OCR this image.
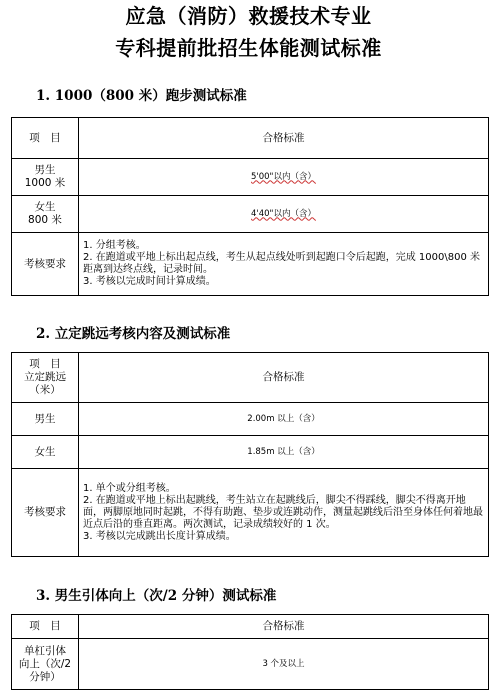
应急（消防）救援技术专业
专科提前批招生体能测试标准
1. 1000（800 米）跑步测试标准
项　目	合格标准
男生
1000 米	5'00"以内（含）
女生
800 米	4'40"以内（含）
考核要求	1. 分组考核。
2. 在跑道或平地上标出起点线，考生从起点线处听到起跑口令后起跑，完成 1000\800 米距离到达终点线，记录时间。
3. 考核以完成时间计算成绩。
2. 立定跳远考核内容及测试标准
项　目
立定跳远
（米）	合格标准
男生	2.00m 以上（含）
女生	1.85m 以上（含）
考核要求	1. 单个或分组考核。
2. 在跑道或平地上标出起跳线，考生站立在起跳线后，脚尖不得踩线，脚尖不得离开地面，两脚原地同时起跳，不得有助跑、垫步或连跳动作，测量起跳线后沿至身体任何着地最近点后沿的垂直距离。两次测试，记录成绩较好的 1 次。
3. 考核以完成跳出长度计算成绩。
3. 男生引体向上（次/2 分钟）测试标准
项　目	合格标准
单杠引体
向上（次/2
分钟）	3 个及以上
